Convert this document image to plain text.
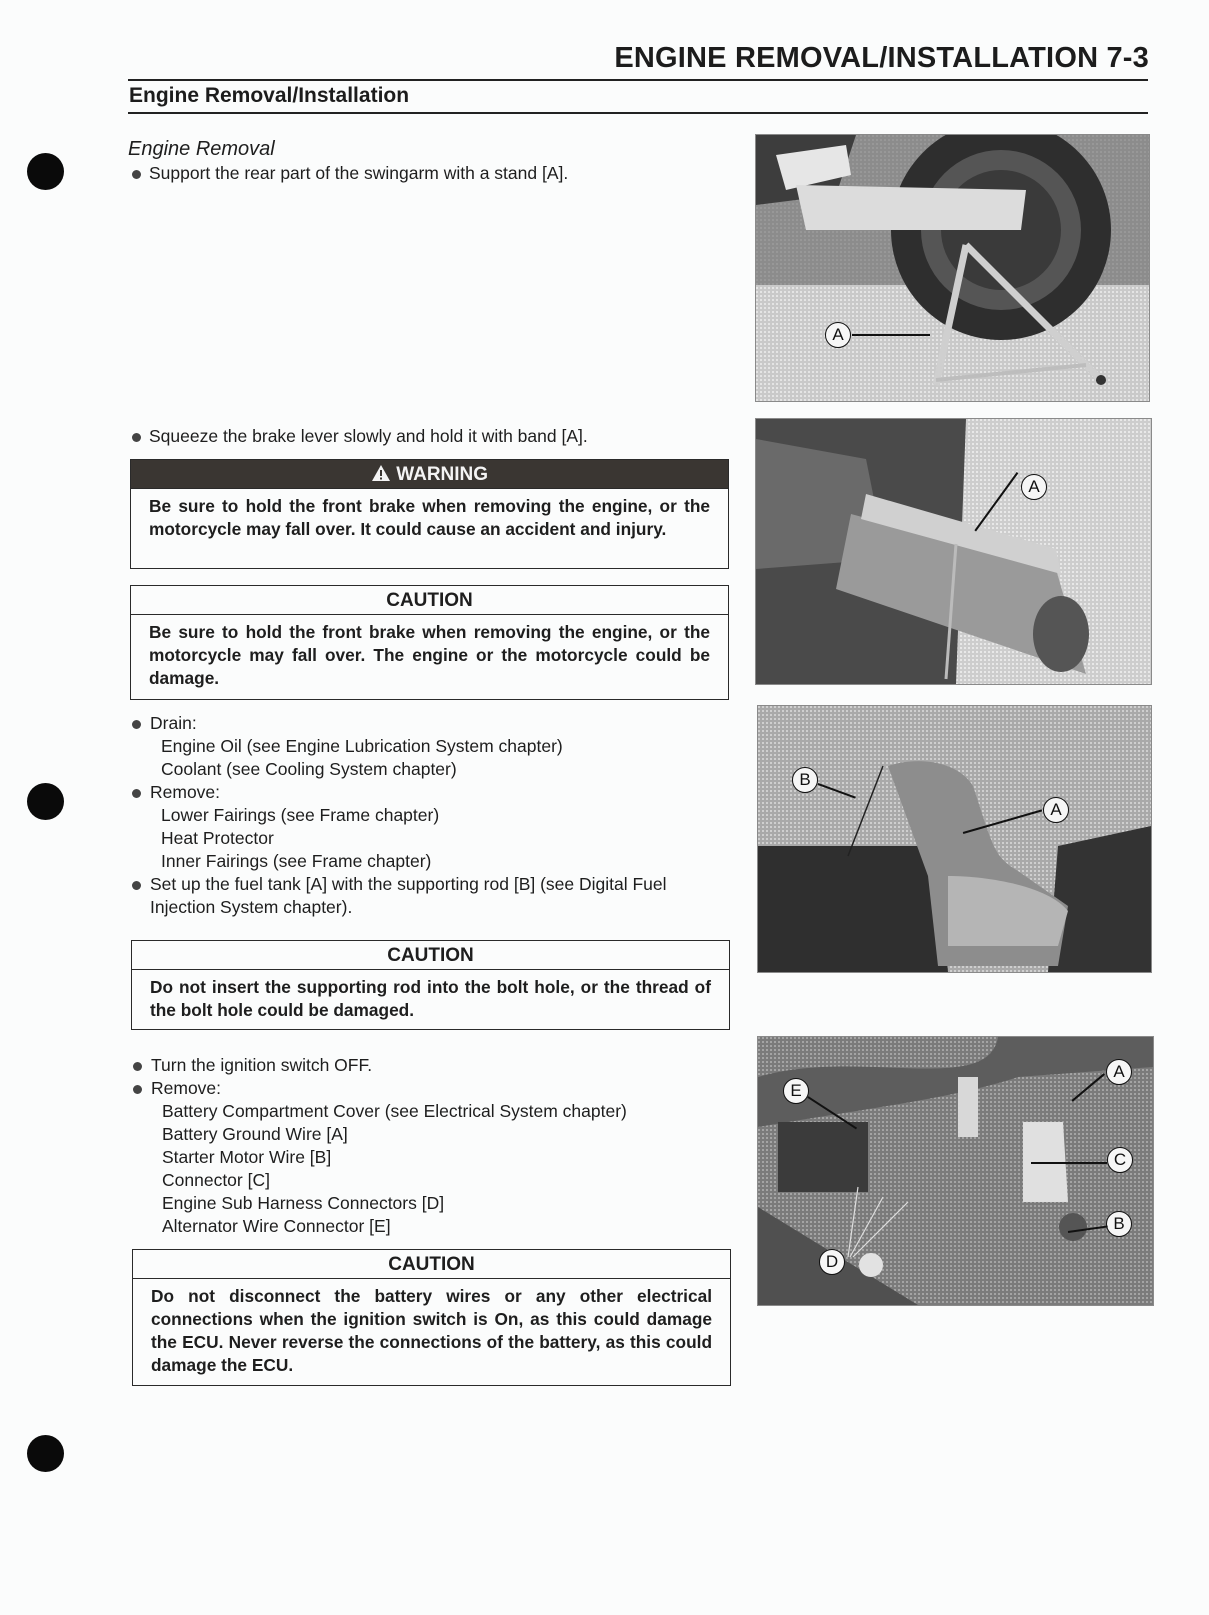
ENGINE REMOVAL/INSTALLATION 7-3
Engine Removal/Installation
Engine Removal
Support the rear part of the swingarm with a stand [A].
Squeeze the brake lever slowly and hold it with band [A].
WARNING
Be sure to hold the front brake when removing the engine, or the motorcycle may fall over. It could cause an accident and injury.
CAUTION
Be sure to hold the front brake when removing the engine, or the motorcycle may fall over. The engine or the motorcycle could be damage.
Drain:
Engine Oil (see Engine Lubrication System chapter)
Coolant (see Cooling System chapter)
Remove:
Lower Fairings (see Frame chapter)
Heat Protector
Inner Fairings (see Frame chapter)
Set up the fuel tank [A] with the supporting rod [B] (see Digital Fuel
Injection System chapter).
CAUTION
Do not insert the supporting rod into the bolt hole, or the thread of the bolt hole could be damaged.
Turn the ignition switch OFF.
Remove:
Battery Compartment Cover (see Electrical System chapter)
Battery Ground Wire [A]
Starter Motor Wire [B]
Connector [C]
Engine Sub Harness Connectors [D]
Alternator Wire Connector [E]
CAUTION
Do not disconnect the battery wires or any other electrical connections when the ignition switch is On, as this could damage the ECU. Never reverse the connections of the battery, as this could damage the ECU.
A
A
B
A
E
A
C
B
D
